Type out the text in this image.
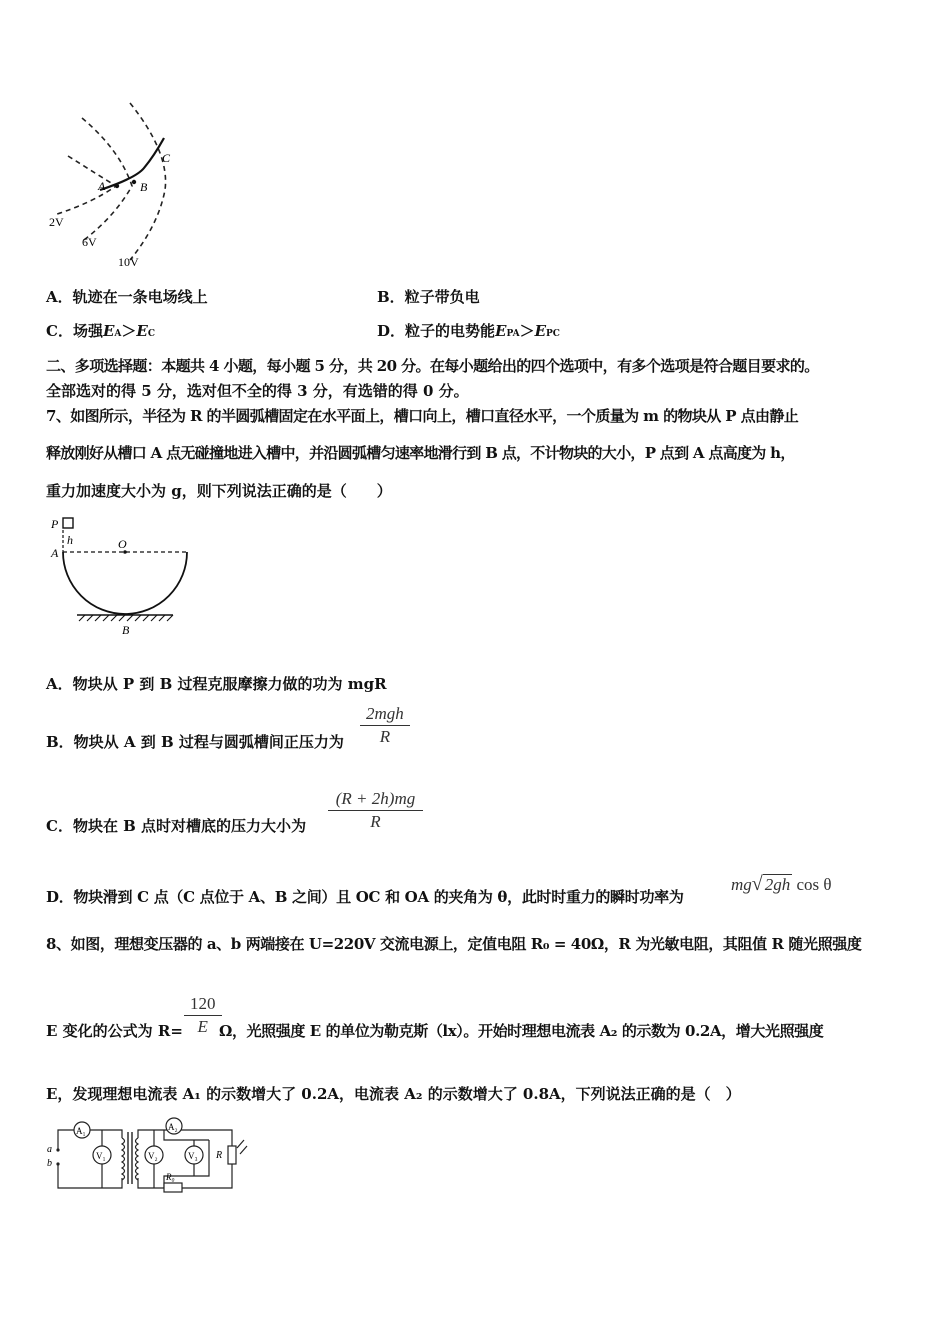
A	B
C
2V
6V
10V
A．轨迹在一条电场线上	B．粒子带负电
C．场强EA＞EC	D．粒子的电势能EPA＞EPC
二、多项选择题：本题共 4 小题，每小题 5 分，共 20 分。在每小题给出的四个选项中，有多个选项是符合题目要求的。
全部选对的得 5 分，选对但不全的得 3 分，有选错的得 0 分。
7、如图所示，半径为 R 的半圆弧槽固定在水平面上，槽口向上，槽口直径水平，一个质量为 m 的物块从 P 点由静止
释放刚好从槽口 A 点无碰撞地进入槽中，并沿圆弧槽匀速率地滑行到 B 点，不计物块的大小，P 点到 A 点高度为 h，
重力加速度大小为 g，则下列说法正确的是（　　）
P
h
A
O
B
A．物块从 P 到 B 过程克服摩擦力做的功为 mgR
B．物块从 A 到 B 过程与圆弧槽间正压力为
2mgh
R
C．物块在 B 点时对槽底的压力大小为
(R + 2h)mg
R
D．物块滑到 C 点（C 点位于 A、B 之间）且 OC 和 OA 的夹角为 θ，此时时重力的瞬时功率为
mg√ 2gh cos θ
8、如图，理想变压器的 a、b 两端接在 U=220V 交流电源上，定值电阻 R₀ = 40Ω，R 为光敏电阻，其阻值 R 随光照强度
120
E
E 变化的公式为 R= Ω，光照强度 E 的单位为勒克斯（lx）。开始时理想电流表 A₂ 的示数为 0.2A，增大光照强度
E，发现理想电流表 A₁ 的示数增大了 0.2A，电流表 A₂ 的示数增大了 0.8A，下列说法正确的是（　）
a
b
A₁
V₁
A₂
V₂	V₃ R
R₀
